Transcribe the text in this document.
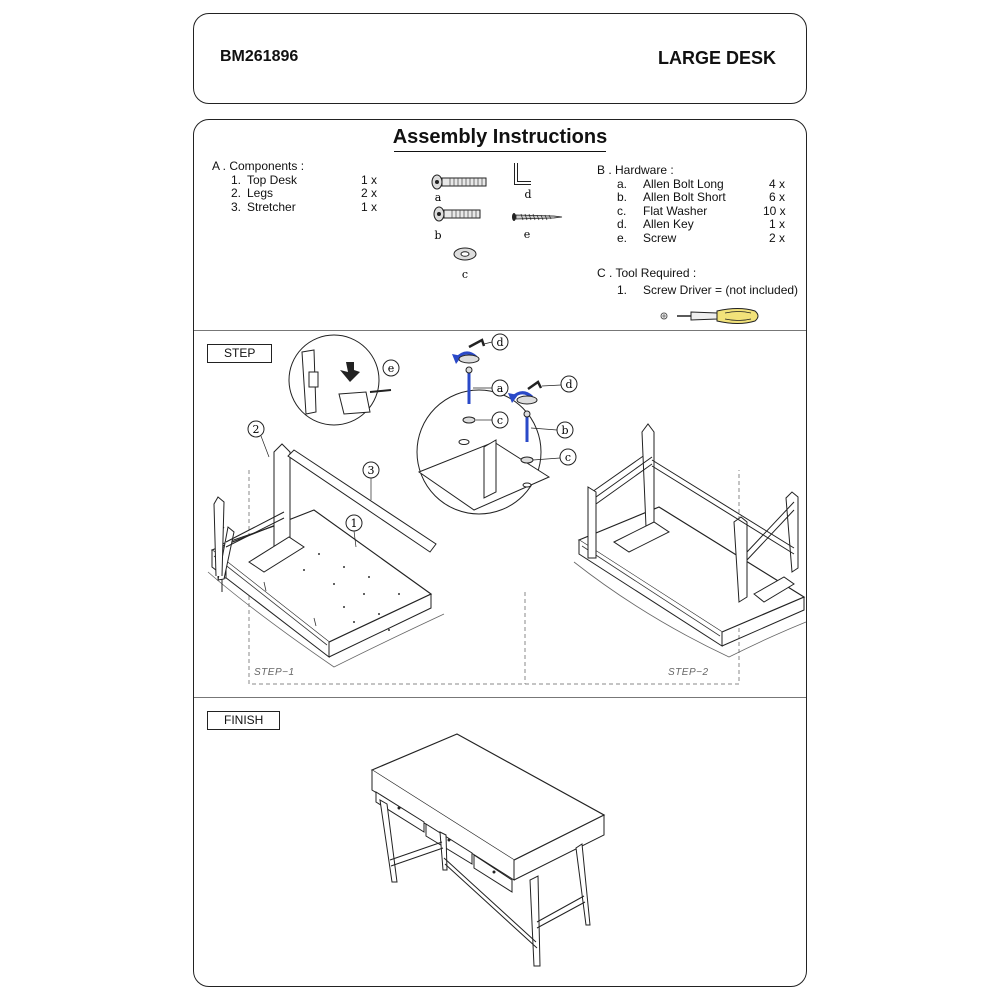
BM261896	LARGE DESK
Assembly Instructions
A . Components :
1. Top Desk	1 x
2. Legs	2 x
3. Stretcher	1 x
B . Hardware :
a. Allen Bolt Long	4 x
b. Allen Bolt Short	6 x
c. Flat Washer	10 x
d. Allen Key	1 x
e. Screw	2 x
C . Tool Required :
1. Screw Driver = (not included)
a
b
c
d
e
STEP
2
3
1
e
d
a
c
d
b
c
STEP−1	STEP−2
FINISH
